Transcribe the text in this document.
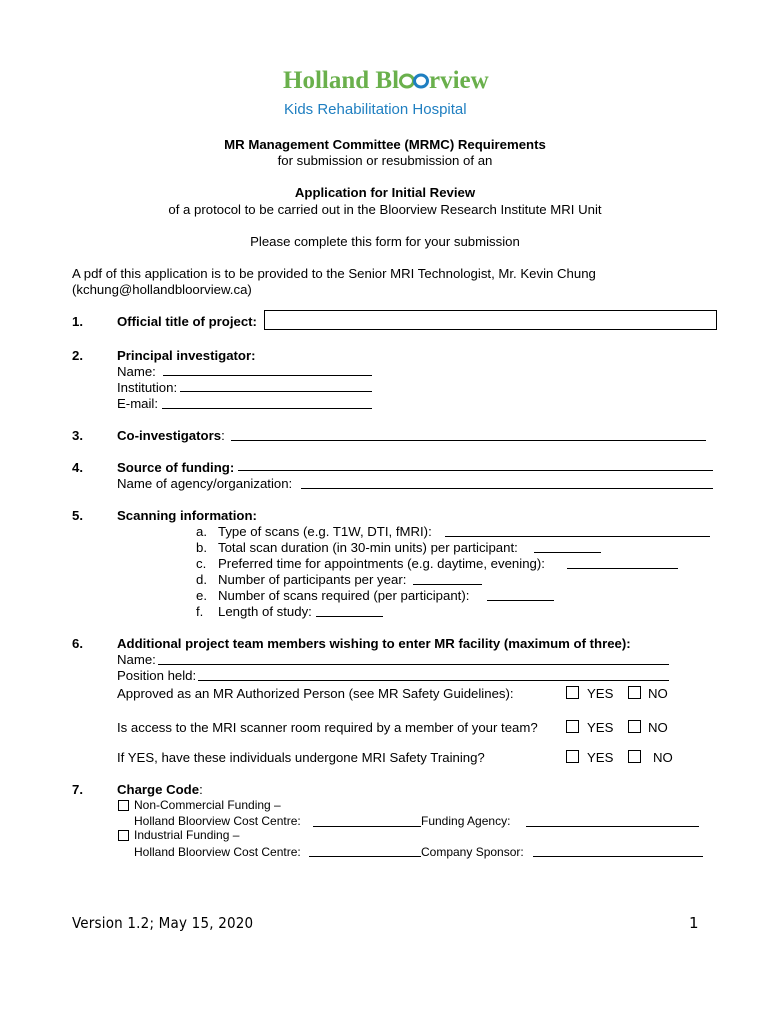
Holland Bl rview
Kids Rehabilitation Hospital
MR Management Committee (MRMC) Requirements
for submission or resubmission of an
Application for Initial Review
of a protocol to be carried out in the Bloorview Research Institute MRI Unit
Please complete this form for your submission
A pdf of this application is to be provided to the Senior MRI Technologist, Mr. Kevin Chung
(kchung@hollandbloorview.ca)
1.	Official title of project:
2.	Principal investigator:
Name:
Institution:
E-mail:
3.	Co-investigators:
4.	Source of funding:
Name of agency/organization:
5.	Scanning information:
a. Type of scans (e.g. T1W, DTI, fMRI):
b. Total scan duration (in 30-min units) per participant:
c. Preferred time for appointments (e.g. daytime, evening):
d. Number of participants per year:
e. Number of scans required (per participant):
f. Length of study:
6.	Additional project team members wishing to enter MR facility (maximum of three):
Name:
Position held:
Approved as an MR Authorized Person (see MR Safety Guidelines):	YES	NO
Is access to the MRI scanner room required by a member of your team?	YES	NO
If YES, have these individuals undergone MRI Safety Training?	YES	NO
7.	Charge Code:
Non-Commercial Funding –
Holland Bloorview Cost Centre:	Funding Agency:
Industrial Funding –
Holland Bloorview Cost Centre:	Company Sponsor:
Version 1.2; May 15, 2020	1
